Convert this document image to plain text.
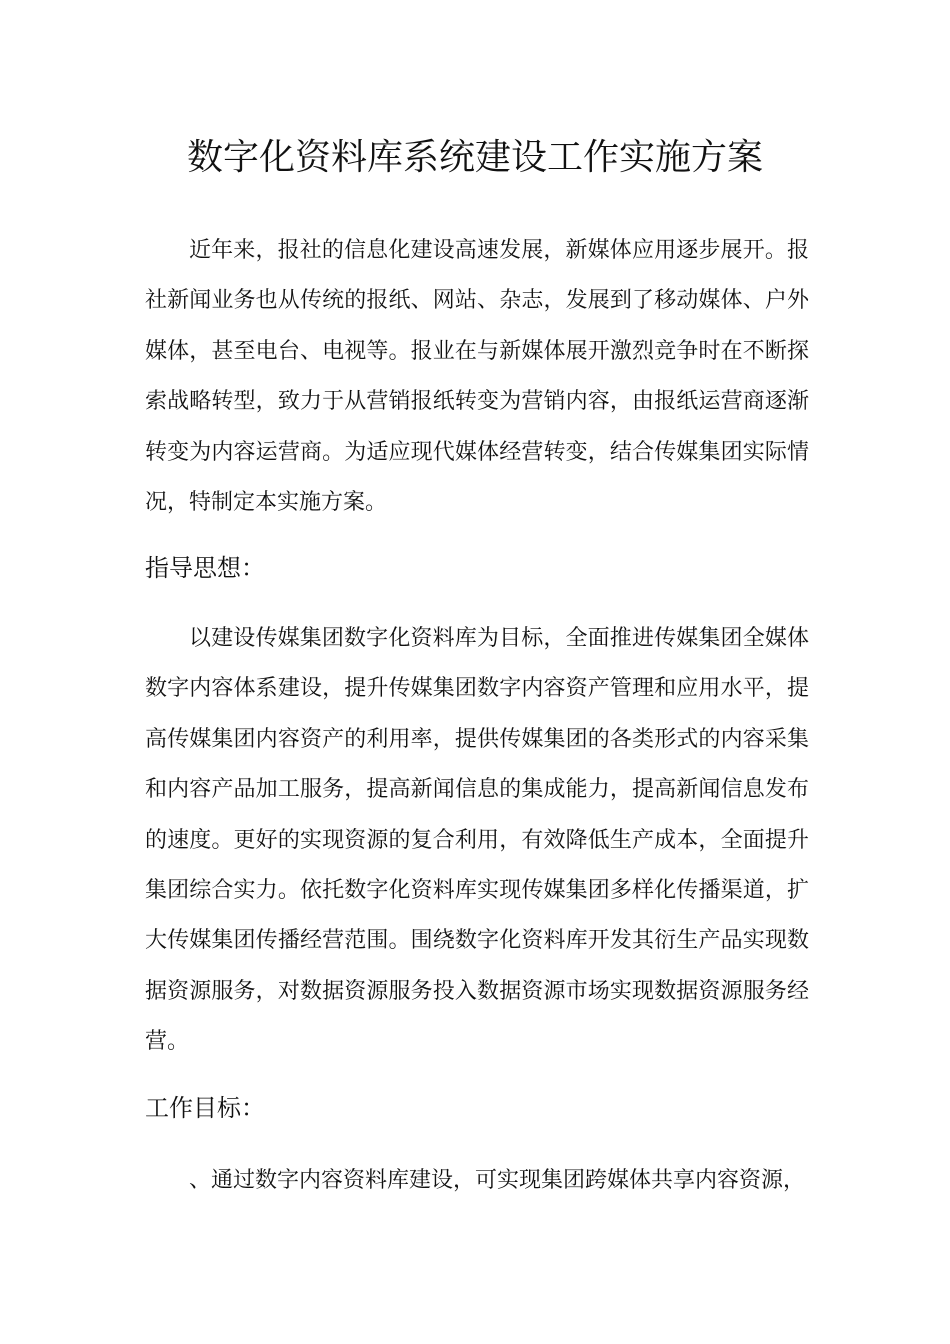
数字化资料库系统建设工作实施方案

近年来，报社的信息化建设高速发展，新媒体应用逐步展开。报社新闻业务也从传统的报纸、网站、杂志，发展到了移动媒体、户外媒体，甚至电台、电视等。报业在与新媒体展开激烈竞争时在不断探索战略转型，致力于从营销报纸转变为营销内容，由报纸运营商逐渐转变为内容运营商。为适应现代媒体经营转变，结合传媒集团实际情况，特制定本实施方案。

指导思想：

以建设传媒集团数字化资料库为目标，全面推进传媒集团全媒体数字内容体系建设，提升传媒集团数字内容资产管理和应用水平，提高传媒集团内容资产的利用率，提供传媒集团的各类形式的内容采集和内容产品加工服务，提高新闻信息的集成能力，提高新闻信息发布的速度。更好的实现资源的复合利用，有效降低生产成本，全面提升集团综合实力。依托数字化资料库实现传媒集团多样化传播渠道，扩大传媒集团传播经营范围。围绕数字化资料库开发其衍生产品实现数据资源服务，对数据资源服务投入数据资源市场实现数据资源服务经营。

工作目标：

、通过数字内容资料库建设，可实现集团跨媒体共享内容资源，
